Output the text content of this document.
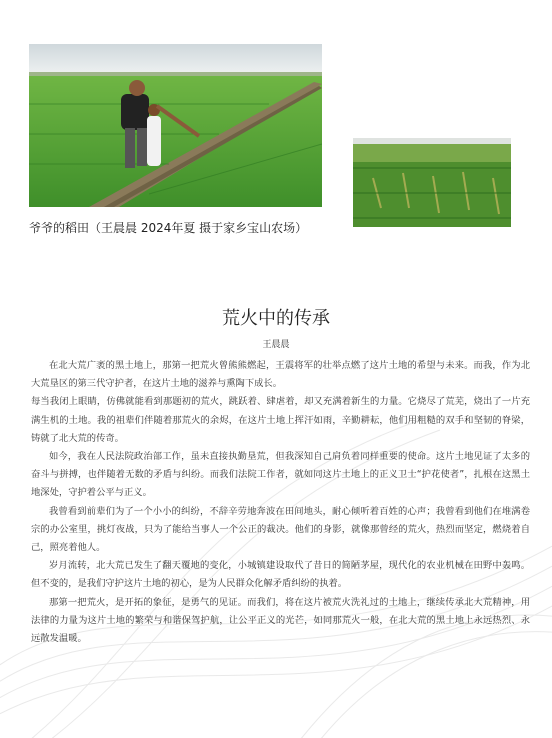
爷爷的稻田（王晨晨 2024年夏 摄于家乡宝山农场）
荒火中的传承
王晨晨

在北大荒广袤的黑土地上，那第一把荒火曾熊熊燃起，王震将军的壮举点燃了这片土地的希望与未来。而我，作为北大荒垦区的第三代守护者，在这片土地的滋养与熏陶下成长。

每当我闭上眼睛，仿佛就能看到那题初的荒火，跳跃着、肆虐着，却又充满着新生的力量。它烧尽了荒芜，烧出了一片充满生机的土地。我的祖辈们伴随着那荒火的余烬，在这片土地上挥汗如雨，辛勤耕耘，他们用粗糙的双手和坚韧的脊梁，铸就了北大荒的传奇。

如今，我在人民法院政治部工作，虽未直接执勤垦荒，但我深知自己肩负着同样重要的使命。这片土地见证了太多的奋斗与拼搏，也伴随着无数的矛盾与纠纷。而我们法院工作者，就如同这片土地上的正义卫士“护花使者”，扎根在这黑土地深处，守护着公平与正义。

我曾看到前辈们为了一个小小的纠纷，不辞辛劳地奔波在田间地头，耐心倾听着百姓的心声；我曾看到他们在堆满卷宗的办公室里，挑灯夜战，只为了能给当事人一个公正的裁决。他们的身影，就像那曾经的荒火，热烈而坚定，燃烧着自己，照亮着他人。

岁月流转，北大荒已发生了翻天覆地的变化，小城镇建设取代了昔日的简陋茅屋，现代化的农业机械在田野中轰鸣。但不变的，是我们守护这片土地的初心，是为人民群众化解矛盾纠纷的执着。

那第一把荒火，是开拓的象征，是勇气的见证。而我们，将在这片被荒火洗礼过的土地上，继续传承北大荒精神，用法律的力量为这片土地的繁荣与和谐保驾护航，让公平正义的光芒，如同那荒火一般，在北大荒的黑土地上永远热烈、永远散发温暖。
